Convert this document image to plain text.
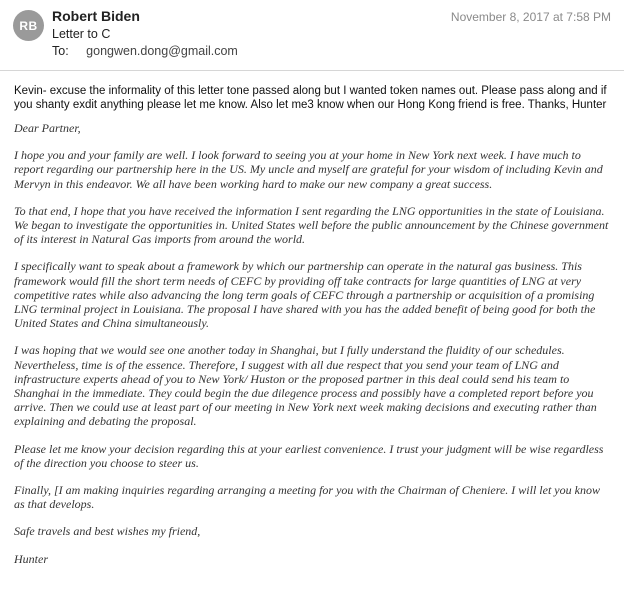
RB
Robert Biden	November 8, 2017 at 7:58 PM
Letter to C
To: gongwen.dong@gmail.com

Kevin- excuse the informality of this letter tone passed along but I wanted token names out. Please pass along and if you shanty exdit anything please let me know. Also let me3 know when our Hong Kong friend is free. Thanks, Hunter

Dear Partner,

I hope you and your family are well. I look forward to seeing you at your home in New York next week. I have much to report regarding our partnership here in the US. My uncle and myself are grateful for your wisdom of including Kevin and Mervyn in this endeavor. We all have been working hard to make our new company a great success.

To that end, I hope that you have received the information I sent regarding the LNG opportunities in the state of Louisiana. We began to investigate the opportunities in. United States well before the public announcement by the Chinese government of its interest in Natural Gas imports from around the world.

I specifically want to speak about a framework by which our partnership can operate in the natural gas business. This framework would fill the short term needs of CEFC by providing off take contracts for large quantities of LNG at very competitive rates while also advancing the long term goals of CEFC through a partnership or acquisition of a promising LNG terminal project in Louisiana. The proposal I have shared with you has the added benefit of being good for both the United States and China simultaneously.

I was hoping that we would see one another today in Shanghai, but I fully understand the fluidity of our schedules. Nevertheless, time is of the essence. Therefore, I suggest with all due respect that you send your team of LNG and infrastructure experts ahead of you to New York/ Huston or the proposed partner in this deal could send his team to Shanghai in the immediate. They could begin the due dilegence process and possibly have a completed report before you arrive. Then we could use at least part of our meeting in New York next week making decisions and executing rather than explaining and debating the proposal.

Please let me know your decision regarding this at your earliest convenience. I trust your judgment will be wise regardless of the direction you choose to steer us.

Finally, [I am making inquiries regarding arranging a meeting for you with the Chairman of Cheniere. I will let you know as that develops.

Safe travels and best wishes my friend,

Hunter
